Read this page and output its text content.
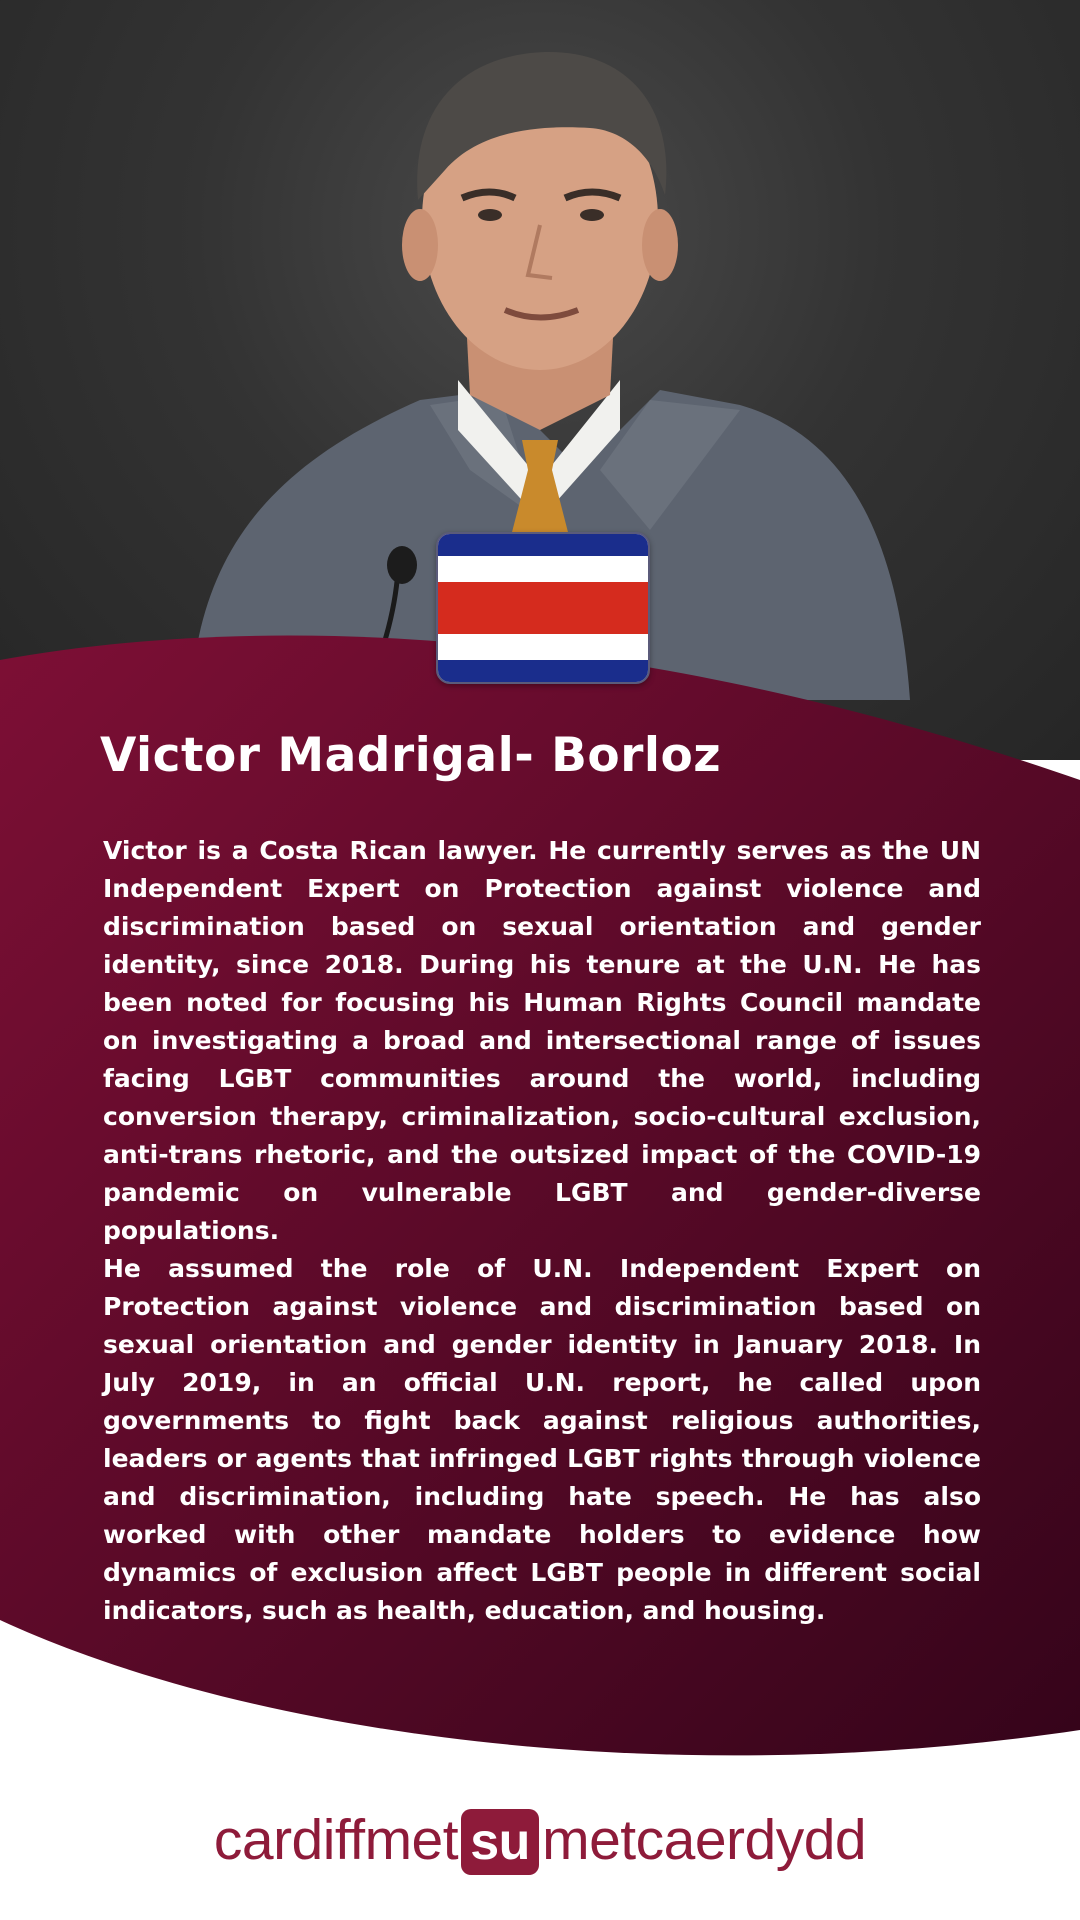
Victor Madrigal- Borloz

Victor is a Costa Rican lawyer. He currently serves as the UN Independent Expert on Protection against violence and discrimination based on sexual orientation and gender identity, since 2018. During his tenure at the U.N. He has been noted for focusing his Human Rights Council mandate on investigating a broad and intersectional range of issues facing LGBT communities around the world, including conversion therapy, criminalization, socio-cultural exclusion, anti-trans rhetoric, and the outsized impact of the COVID-19 pandemic on vulnerable LGBT and gender-diverse populations.

He assumed the role of U.N. Independent Expert on Protection against violence and discrimination based on sexual orientation and gender identity in January 2018. In July 2019, in an official U.N. report, he called upon governments to fight back against religious authorities, leaders or agents that infringed LGBT rights through violence and discrimination, including hate speech. He has also worked with other mandate holders to evidence how dynamics of exclusion affect LGBT people in different social indicators, such as health, education, and housing.

cardiffmet su metcaerdydd
